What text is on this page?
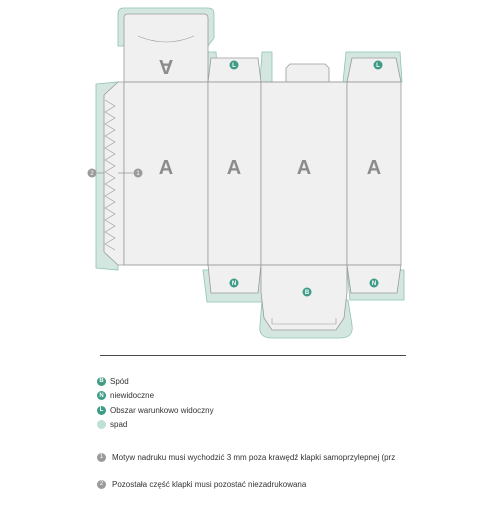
A
A	A	A	A
L	L
N
B
N
2	1
B Spód
N niewidoczne
L Obszar warunkowo widoczny
spad
1	Motyw nadruku musi wychodzić 3 mm poza krawędź klapki samoprzylepnej (prz
2	Pozostała część klapki musi pozostać niezadrukowana
